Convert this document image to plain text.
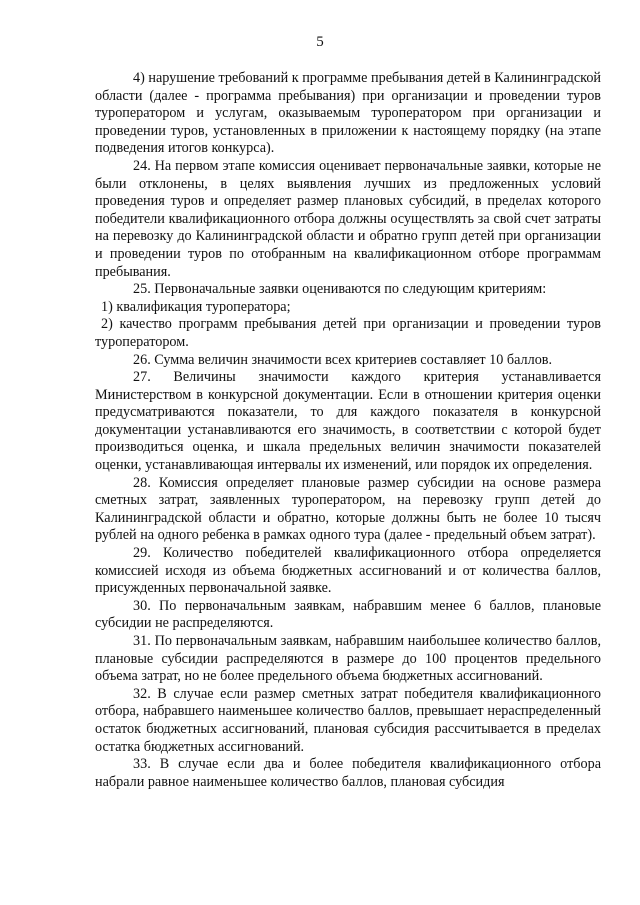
5

4) нарушение требований к программе пребывания детей в Калининградской области (далее - программа пребывания) при организации и проведении туров туроператором и услугам, оказываемым туроператором при организации и проведении туров, установленных в приложении к настоящему порядку (на этапе подведения итогов конкурса).

24. На первом этапе комиссия оценивает первоначальные заявки, которые не были отклонены, в целях выявления лучших из предложенных условий проведения туров и определяет размер плановых субсидий, в пределах которого победители квалификационного отбора должны осуществлять за свой счет затраты на перевозку до Калининградской области и обратно групп детей при организации и проведении туров по отобранным на квалификационном отборе программам пребывания.

25. Первоначальные заявки оцениваются по следующим критериям:

1) квалификация туроператора;

2) качество программ пребывания детей при организации и проведении туров туроператором.

26. Сумма величин значимости всех критериев составляет 10 баллов.

27. Величины значимости каждого критерия устанавливается Министерством в конкурсной документации. Если в отношении критерия оценки предусматриваются показатели, то для каждого показателя в конкурсной документации устанавливаются его значимость, в соответствии с которой будет производиться оценка, и шкала предельных величин значимости показателей оценки, устанавливающая интервалы их изменений, или порядок их определения.

28. Комиссия определяет плановые размер субсидии на основе размера сметных затрат, заявленных туроператором, на перевозку групп детей до Калининградской области и обратно, которые должны быть не более 10 тысяч рублей на одного ребенка в рамках одного тура (далее - предельный объем затрат).

29. Количество победителей квалификационного отбора определяется комиссией исходя из объема бюджетных ассигнований и от количества баллов, присужденных первоначальной заявке.

30. По первоначальным заявкам, набравшим менее 6 баллов, плановые субсидии не распределяются.

31. По первоначальным заявкам, набравшим наибольшее количество баллов, плановые субсидии распределяются в размере до 100 процентов предельного объема затрат, но не более предельного объема бюджетных ассигнований.

32. В случае если размер сметных затрат победителя квалификационного отбора, набравшего наименьшее количество баллов, превышает нераспределенный остаток бюджетных ассигнований, плановая субсидия рассчитывается в пределах остатка бюджетных ассигнований.

33. В случае если два и более победителя квалификационного отбора набрали равное наименьшее количество баллов, плановая субсидия
